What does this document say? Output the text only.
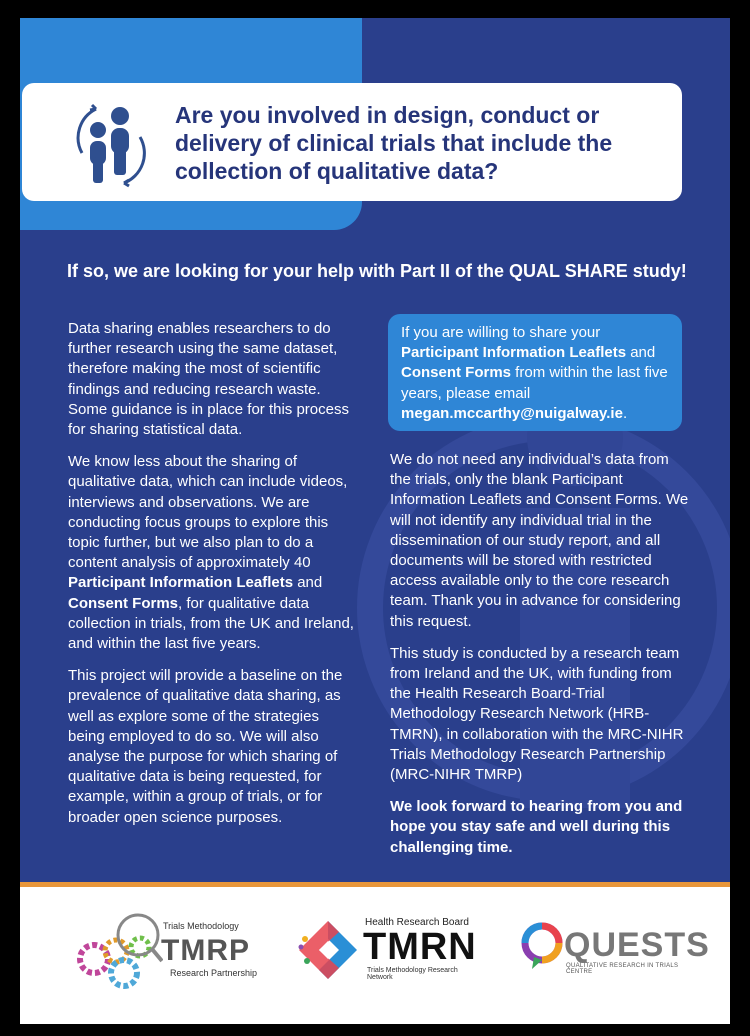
Are you involved in design, conduct or delivery of clinical trials that include the collection of qualitative data?
If so, we are looking for your help with Part II of the QUAL SHARE study!

Data sharing enables researchers to do further research using the same dataset, therefore making the most of scientific findings and reducing research waste. Some guidance is in place for this process for sharing statistical data.

We know less about the sharing of qualitative data, which can include videos, interviews and observations. We are conducting focus groups to explore this topic further, but we also plan to do a content analysis of approximately 40 Participant Information Leaflets and Consent Forms, for qualitative data collection in trials, from the UK and Ireland, and within the last five years.

This project will provide a baseline on the prevalence of qualitative data sharing, as well as explore some of the strategies being employed to do so. We will also analyse the purpose for which sharing of qualitative data is being requested, for example, within a group of trials, or for broader open science purposes.

If you are willing to share your Participant Information Leaflets and Consent Forms from within the last five years, please email megan.mccarthy@nuigalway.ie.

We do not need any individual’s data from the trials, only the blank Participant Information Leaflets and Consent Forms. We will not identify any individual trial in the dissemination of our study report, and all documents will be stored with restricted access available only to the core research team. Thank you in advance for considering this request.

This study is conducted by a research team from Ireland and the UK, with funding from the Health Research Board-Trial Methodology Research Network (HRB-TMRN), in collaboration with the MRC-NIHR Trials Methodology Research Partnership (MRC-NIHR TMRP)

We look forward to hearing from you and hope you stay safe and well during this challenging time.

Trials Methodology
TMRP
Research Partnership
Health Research Board
TMRN
Trials Methodology Research Network
QUESTS
QUALITATIVE RESEARCH IN TRIALS CENTRE
